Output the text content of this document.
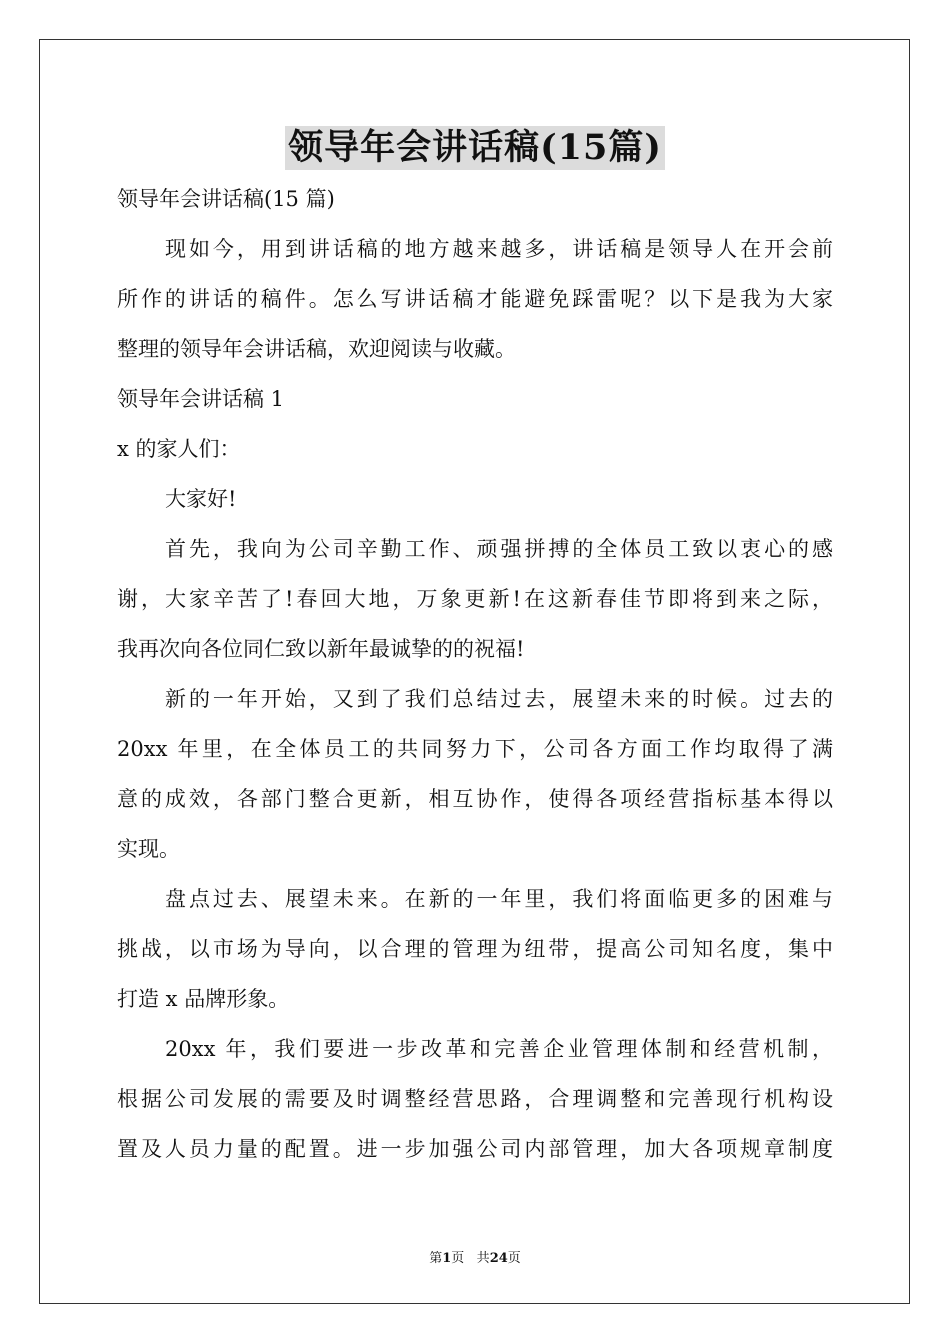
领导年会讲话稿(15篇)
领导年会讲话稿(15 篇)
现如今，用到讲话稿的地方越来越多，讲话稿是领导人在开会前
所作的讲话的稿件。怎么写讲话稿才能避免踩雷呢？以下是我为大家
整理的领导年会讲话稿，欢迎阅读与收藏。
领导年会讲话稿 1
x 的家人们：
大家好!
首先，我向为公司辛勤工作、顽强拼搏的全体员工致以衷心的感
谢，大家辛苦了!春回大地，万象更新!在这新春佳节即将到来之际，
我再次向各位同仁致以新年最诚挚的的祝福!
新的一年开始，又到了我们总结过去，展望未来的时候。过去的
20xx 年里，在全体员工的共同努力下，公司各方面工作均取得了满
意的成效，各部门整合更新，相互协作，使得各项经营指标基本得以
实现。
盘点过去、展望未来。在新的一年里，我们将面临更多的困难与
挑战，以市场为导向，以合理的管理为纽带，提高公司知名度，集中
打造 x 品牌形象。
20xx 年，我们要进一步改革和完善企业管理体制和经营机制，
根据公司发展的需要及时调整经营思路，合理调整和完善现行机构设
置及人员力量的配置。进一步加强公司内部管理，加大各项规章制度
第1页 共24页
